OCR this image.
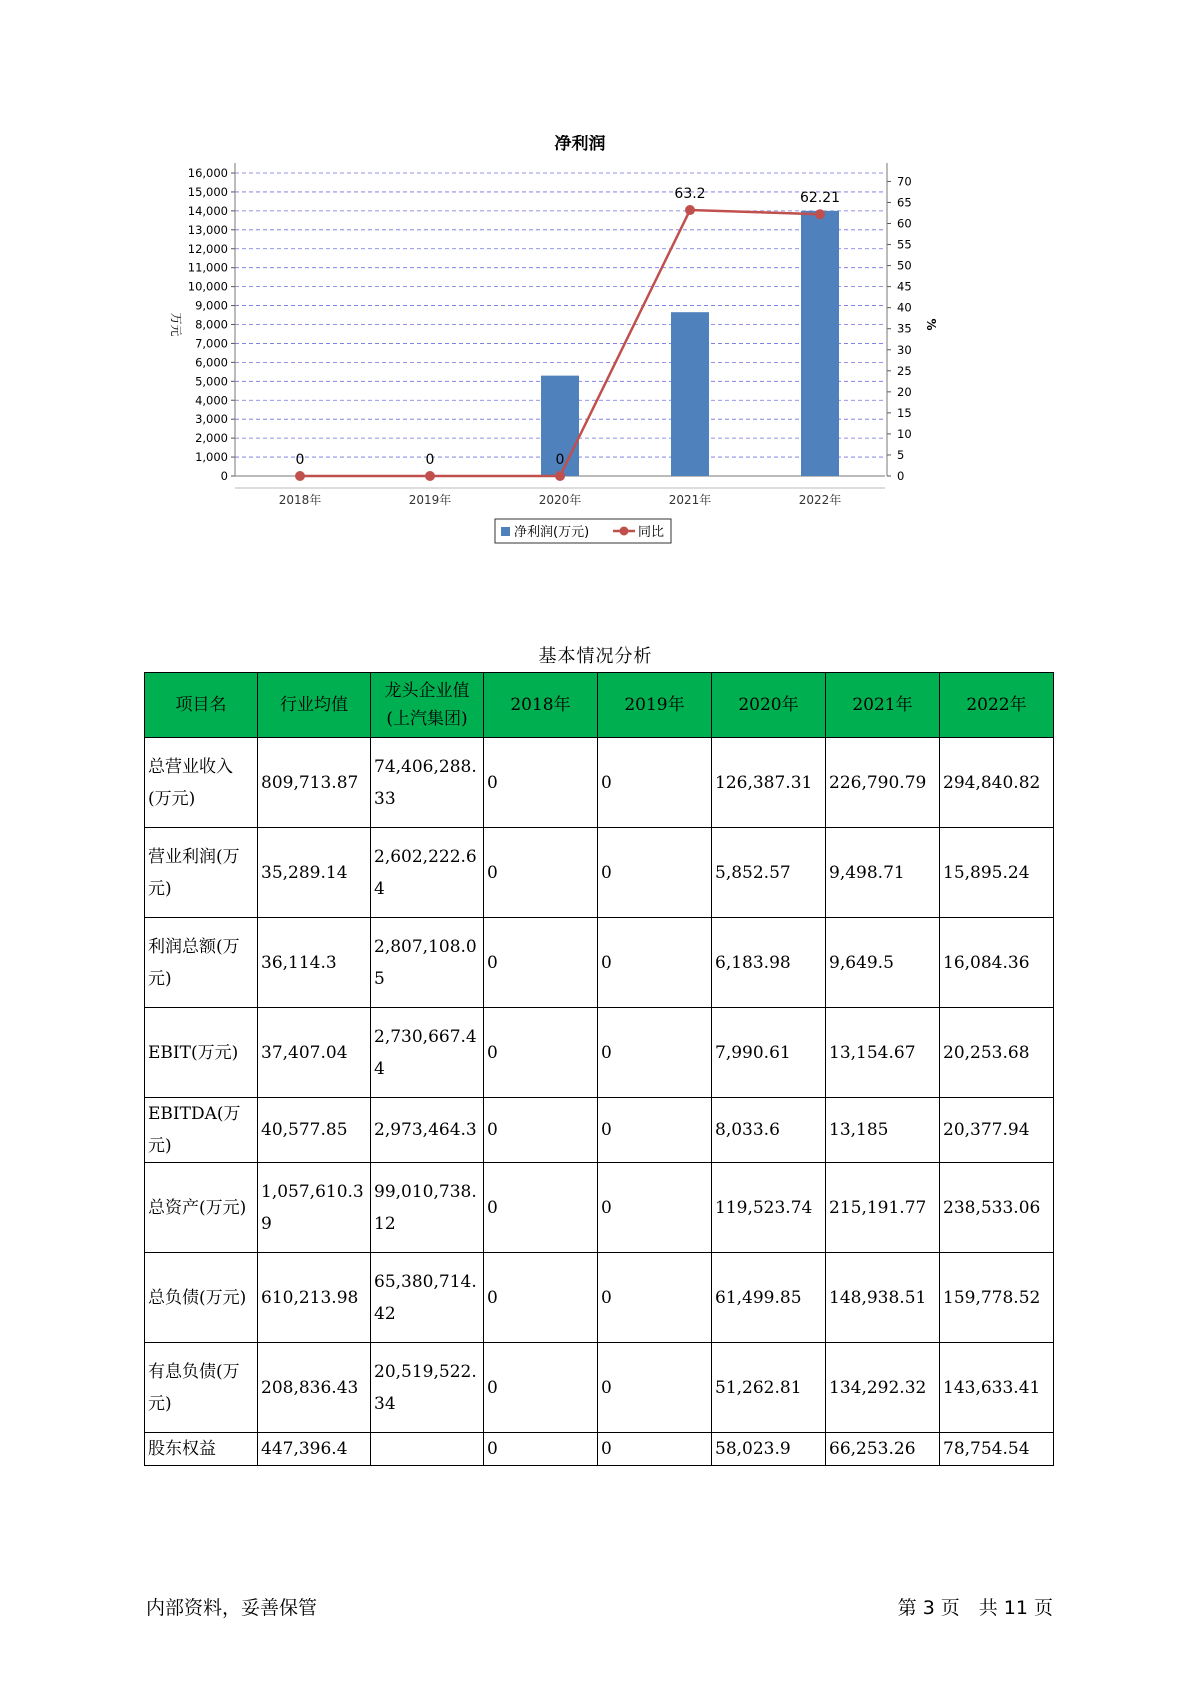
净利润
0
1,000
2,000
3,000
4,000
5,000
6,000
7,000
8,000
9,000
10,000
11,000
12,000
13,000
14,000
15,000
16,000
0
5
10
15
20
25
30
35
40
45
50
55
60
65
70
万元	%
2018年	2019年	2020年	2021年	2022年
0	0	0
63.2	62.21
净利润(万元)	同比
基本情况分析
项目名	行业均值	龙头企业值(上汽集团)	2018年	2019年	2020年	2021年	2022年
总营业收入(万元)	809,713.87	74,406,288.33	0	0	126,387.31	226,790.79	294,840.82
营业利润(万元)	35,289.14	2,602,222.64	0	0	5,852.57	9,498.71	15,895.24
利润总额(万元)	36,114.3	2,807,108.05	0	0	6,183.98	9,649.5	16,084.36
EBIT(万元)	37,407.04	2,730,667.44	0	0	7,990.61	13,154.67	20,253.68
EBITDA(万元)	40,577.85	2,973,464.3	0	0	8,033.6	13,185	20,377.94
总资产(万元)	1,057,610.39	99,010,738.12	0	0	119,523.74	215,191.77	238,533.06
总负债(万元)	610,213.98	65,380,714.42	0	0	61,499.85	148,938.51	159,778.52
有息负债(万元)	208,836.43	20,519,522.34	0	0	51,262.81	134,292.32	143,633.41
股东权益	447,396.4		0	0	58,023.9	66,253.26	78,754.54
内部资料，妥善保管	第 3 页　共 11 页
